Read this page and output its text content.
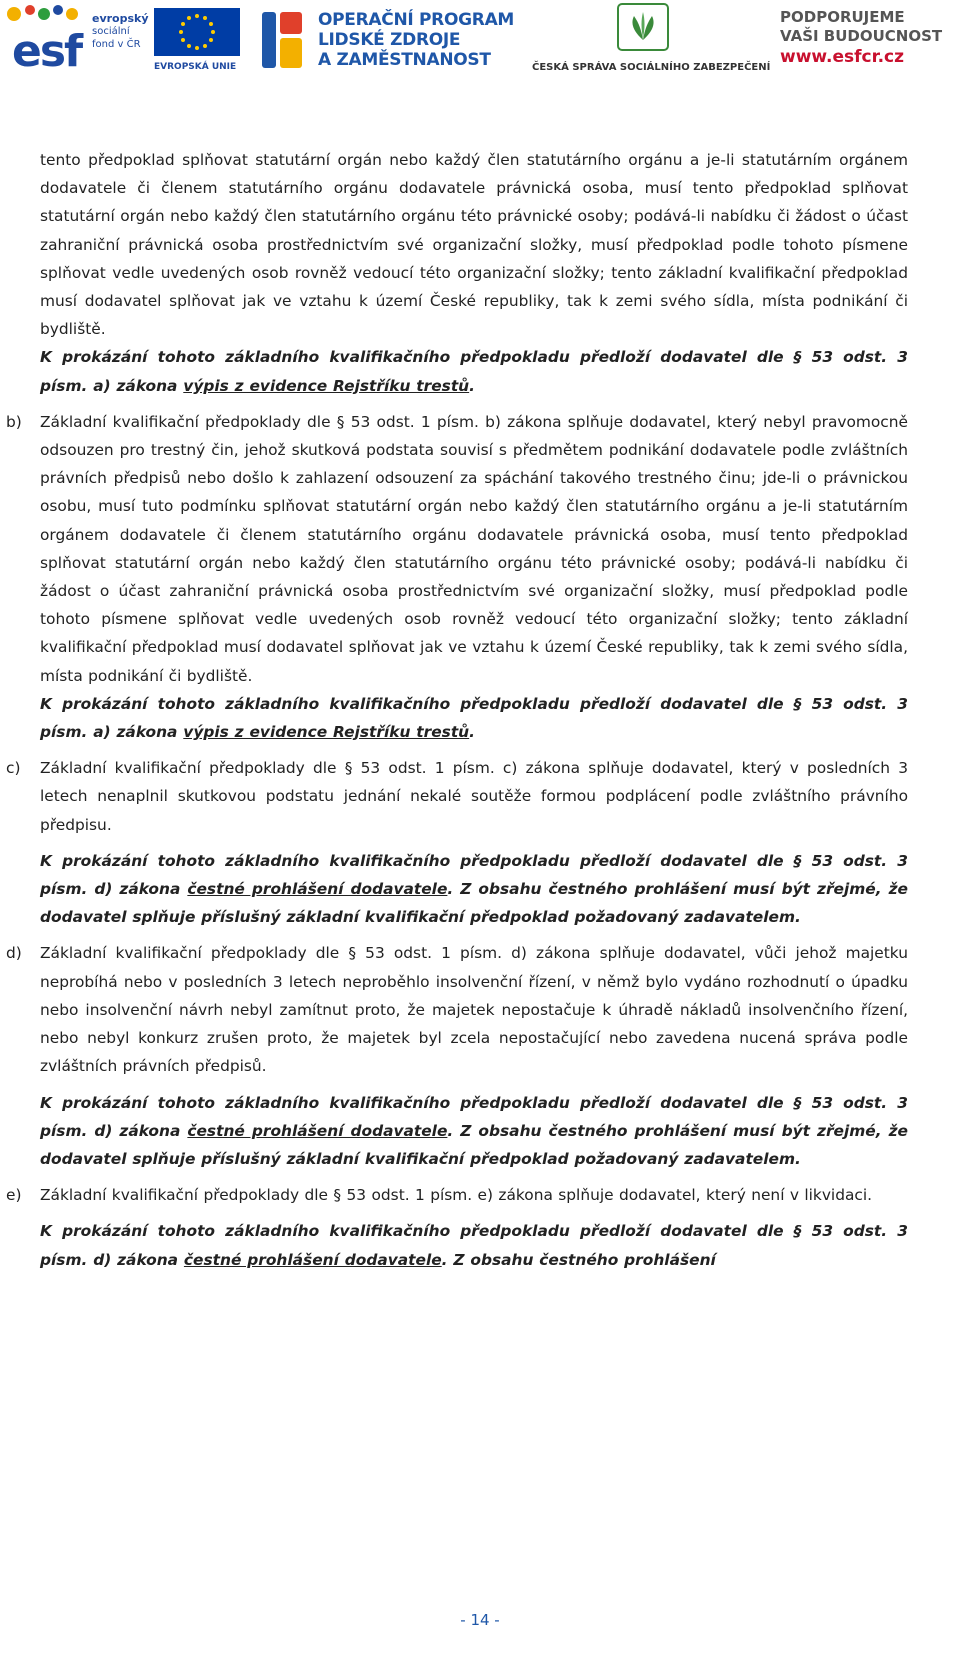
esf
evropský
sociální
fond v ČR
EVROPSKÁ UNIE
OPERAČNÍ PROGRAM
LIDSKÉ ZDROJE
A ZAMĚSTNANOST	ČESKÁ SPRÁVA SOCIÁLNÍHO ZABEZPEČENÍ
PODPORUJEME
VAŠI BUDOUCNOST
www.esfcr.cz

tento předpoklad splňovat statutární orgán nebo každý člen statutárního orgánu a je-li statutárním orgánem dodavatele či členem statutárního orgánu dodavatele právnická osoba, musí tento předpoklad splňovat statutární orgán nebo každý člen statutárního orgánu této právnické osoby; podává-li nabídku či žádost o účast zahraniční právnická osoba prostřednictvím své organizační složky, musí předpoklad podle tohoto písmene splňovat vedle uvedených osob rovněž vedoucí této organizační složky; tento základní kvalifikační předpoklad musí dodavatel splňovat jak ve vztahu k území České republiky, tak k zemi svého sídla, místa podnikání či bydliště.

K prokázání tohoto základního kvalifikačního předpokladu předloží dodavatel dle § 53 odst. 3 písm. a) zákona výpis z evidence Rejstříku trestů.

b) Základní kvalifikační předpoklady dle § 53 odst. 1 písm. b) zákona splňuje dodavatel, který nebyl pravomocně odsouzen pro trestný čin, jehož skutková podstata souvisí s předmětem podnikání dodavatele podle zvláštních právních předpisů nebo došlo k zahlazení odsouzení za spáchání takového trestného činu; jde-li o právnickou osobu, musí tuto podmínku splňovat statutární orgán nebo každý člen statutárního orgánu a je-li statutárním orgánem dodavatele či členem statutárního orgánu dodavatele právnická osoba, musí tento předpoklad splňovat statutární orgán nebo každý člen statutárního orgánu této právnické osoby; podává-li nabídku či žádost o účast zahraniční právnická osoba prostřednictvím své organizační složky, musí předpoklad podle tohoto písmene splňovat vedle uvedených osob rovněž vedoucí této organizační složky; tento základní kvalifikační předpoklad musí dodavatel splňovat jak ve vztahu k území České republiky, tak k zemi svého sídla, místa podnikání či bydliště.

K prokázání tohoto základního kvalifikačního předpokladu předloží dodavatel dle § 53 odst. 3 písm. a) zákona výpis z evidence Rejstříku trestů.

c) Základní kvalifikační předpoklady dle § 53 odst. 1 písm. c) zákona splňuje dodavatel, který v posledních 3 letech nenaplnil skutkovou podstatu jednání nekalé soutěže formou podplácení podle zvláštního právního předpisu.

K prokázání tohoto základního kvalifikačního předpokladu předloží dodavatel dle § 53 odst. 3 písm. d) zákona čestné prohlášení dodavatele. Z obsahu čestného prohlášení musí být zřejmé, že dodavatel splňuje příslušný základní kvalifikační předpoklad požadovaný zadavatelem.

d) Základní kvalifikační předpoklady dle § 53 odst. 1 písm. d) zákona splňuje dodavatel, vůči jehož majetku neprobíhá nebo v posledních 3 letech neproběhlo insolvenční řízení, v němž bylo vydáno rozhodnutí o úpadku nebo insolvenční návrh nebyl zamítnut proto, že majetek nepostačuje k úhradě nákladů insolvenčního řízení, nebo nebyl konkurz zrušen proto, že majetek byl zcela nepostačující nebo zavedena nucená správa podle zvláštních právních předpisů.

K prokázání tohoto základního kvalifikačního předpokladu předloží dodavatel dle § 53 odst. 3 písm. d) zákona čestné prohlášení dodavatele. Z obsahu čestného prohlášení musí být zřejmé, že dodavatel splňuje příslušný základní kvalifikační předpoklad požadovaný zadavatelem.

e) Základní kvalifikační předpoklady dle § 53 odst. 1 písm. e) zákona splňuje dodavatel, který není v likvidaci.

K prokázání tohoto základního kvalifikačního předpokladu předloží dodavatel dle § 53 odst. 3 písm. d) zákona čestné prohlášení dodavatele. Z obsahu čestného prohlášení

- 14 -
